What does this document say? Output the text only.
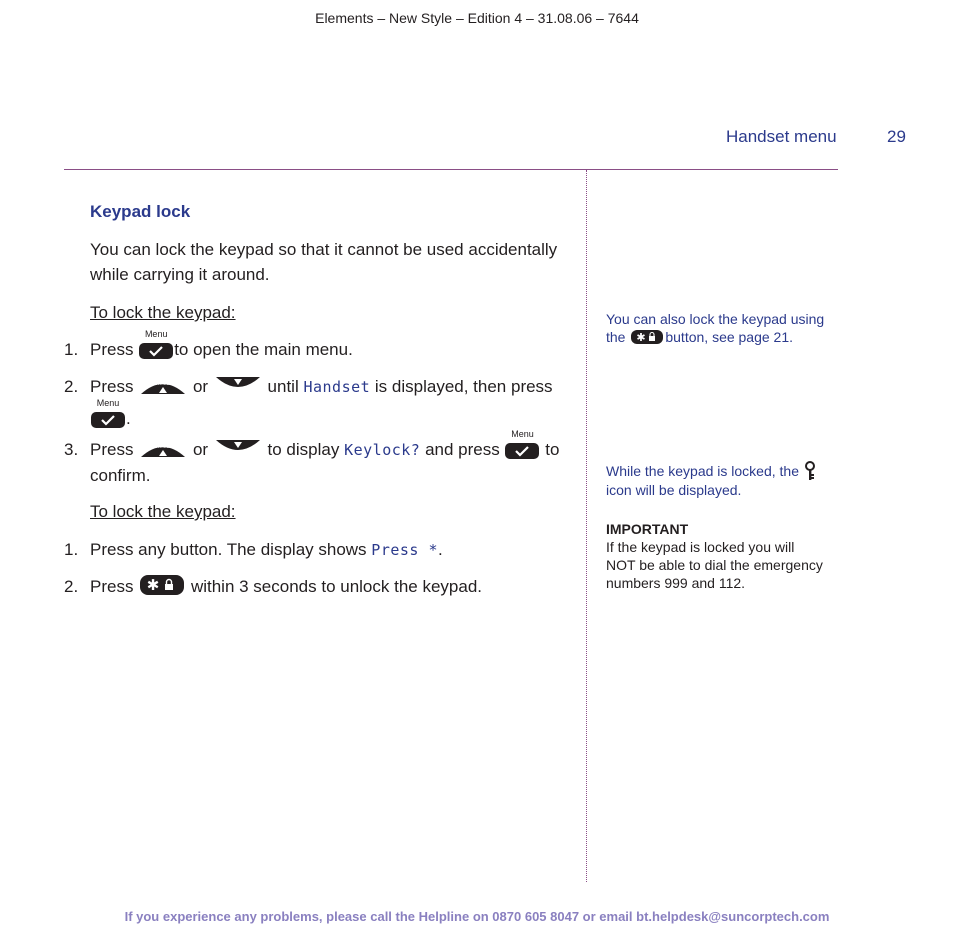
Elements – New Style – Edition 4 – 31.08.06 – 7644
Handset menu	29
Keypad lock
You can lock the keypad so that it cannot be used accidentally while carrying it around.
To lock the keypad:
1. Press
Menu
to open the main menu.
2. Press	Redial or	Calls until Handset is displayed, then press
Menu
.
3. Press	Redial or	Calls to display Keylock? and press
Menu
to confirm.
To lock the keypad:
1. Press any button. The display shows Press *.
2. Press ✱ within 3 seconds to unlock the keypad.
You can also lock the keypad using the ✱ button, see page 21.
While the keypad is locked, the  icon will be displayed.
IMPORTANT
If the keypad is locked you will NOT be able to dial the emergency numbers 999 and 112.
If you experience any problems, please call the Helpline on 0870 605 8047 or email bt.helpdesk@suncorptech.com
